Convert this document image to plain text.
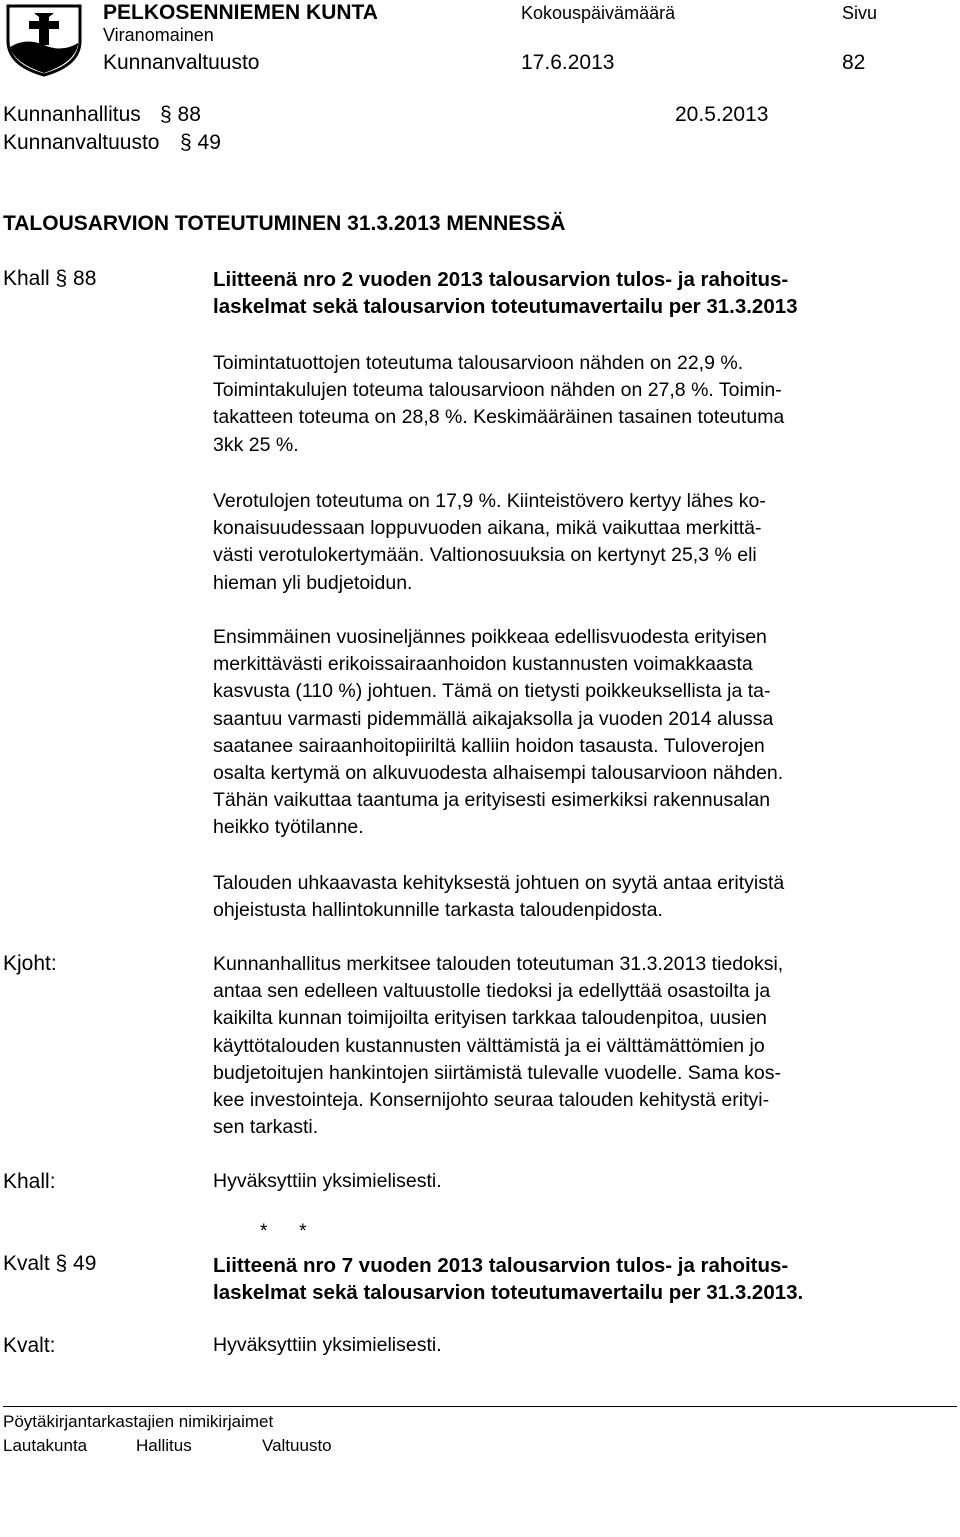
PELKOSENNIEMEN KUNTA
Viranomainen
Kokouspäivämäärä	Sivu
Kunnanvaltuusto	17.6.2013	82
Kunnanhallitus § 88	20.5.2013
Kunnanvaltuusto § 49
TALOUSARVION TOTEUTUMINEN 31.3.2013 MENNESSÄ
Khall § 88	Liitteenä nro 2 vuoden 2013 talousarvion tulos- ja rahoitus-

laskelmat sekä talousarvion toteutumavertailu per 31.3.2013

Toimintatuottojen toteutuma talousarvioon nähden on 22,9 %.

Toimintakulujen toteuma talousarvioon nähden on 27,8 %. Toimin-

takatteen toteuma on 28,8 %. Keskimääräinen tasainen toteutuma

3kk 25 %.

Verotulojen toteutuma on 17,9 %. Kiinteistövero kertyy lähes ko-

konaisuudessaan loppuvuoden aikana, mikä vaikuttaa merkittä-

västi verotulokertymään. Valtionosuuksia on kertynyt 25,3 % eli

hieman yli budjetoidun.

Ensimmäinen vuosineljännes poikkeaa edellisvuodesta erityisen

merkittävästi erikoissairaanhoidon kustannusten voimakkaasta

kasvusta (110 %) johtuen. Tämä on tietysti poikkeuksellista ja ta-

saantuu varmasti pidemmällä aikajaksolla ja vuoden 2014 alussa

saatanee sairaanhoitopiiriltä kalliin hoidon tasausta. Tuloverojen

osalta kertymä on alkuvuodesta alhaisempi talousarvioon nähden.

Tähän vaikuttaa taantuma ja erityisesti esimerkiksi rakennusalan

heikko työtilanne.

Talouden uhkaavasta kehityksestä johtuen on syytä antaa erityistä

ohjeistusta hallintokunnille tarkasta taloudenpidosta.

Kjoht:	Kunnanhallitus merkitsee talouden toteutuman 31.3.2013 tiedoksi,

antaa sen edelleen valtuustolle tiedoksi ja edellyttää osastoilta ja

kaikilta kunnan toimijoilta erityisen tarkkaa taloudenpitoa, uusien

käyttötalouden kustannusten välttämistä ja ei välttämättömien jo

budjetoitujen hankintojen siirtämistä tulevalle vuodelle. Sama kos-

kee investointeja. Konsernijohto seuraa talouden kehitystä erityi-

sen tarkasti.

Khall:	Hyväksyttiin yksimielisesti.
*      *
Kvalt § 49	Liitteenä nro 7 vuoden 2013 talousarvion tulos- ja rahoitus-

laskelmat sekä talousarvion toteutumavertailu per 31.3.2013.

Kvalt:	Hyväksyttiin yksimielisesti.
Pöytäkirjantarkastajien nimikirjaimet
Lautakunta	Hallitus	Valtuusto
